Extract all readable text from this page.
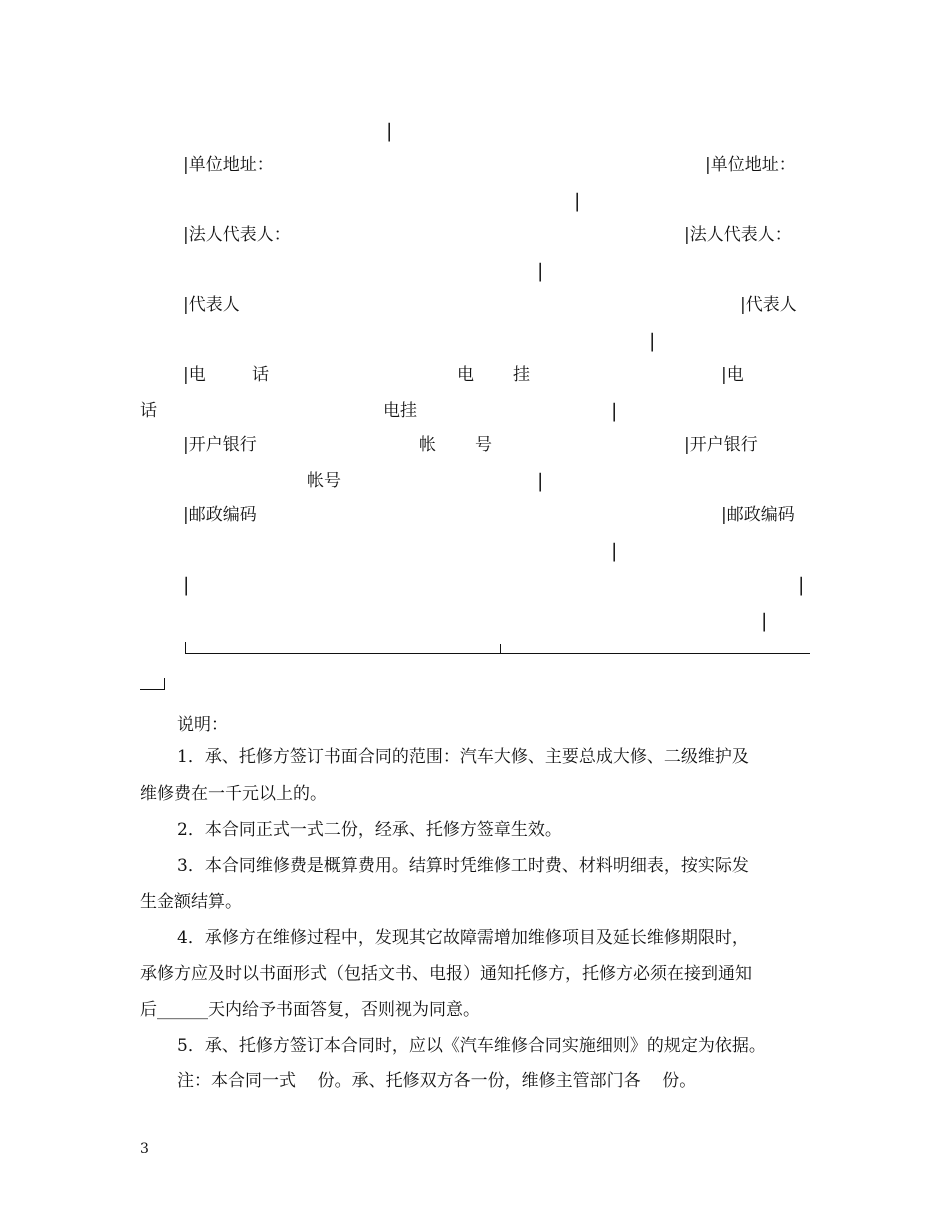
|
|单位地址：	|单位地址：
|
|法人代表人：	|法人代表人：
|
|代表人	|代表人
|
|电	话	电 挂	|电
话	电挂	|
|开户银行	帐 号	|开户银行
帐号	|
|邮政编码	|邮政编码
|
|	|
|
说明：
1．承、托修方签订书面合同的范围：汽车大修、主要总成大修、二级维护及
维修费在一千元以上的。
2．本合同正式一式二份，经承、托修方签章生效。
3．本合同维修费是概算费用。结算时凭维修工时费、材料明细表，按实际发
生金额结算。
4．承修方在维修过程中，发现其它故障需增加维修项目及延长维修期限时，
承修方应及时以书面形式（包括文书、电报）通知托修方，托修方必须在接到通知
后______天内给予书面答复，否则视为同意。
5．承、托修方签订本合同时，应以《汽车维修合同实施细则》的规定为依据。
注：本合同一式    份。承、托修双方各一份，维修主管部门各    份。
3
